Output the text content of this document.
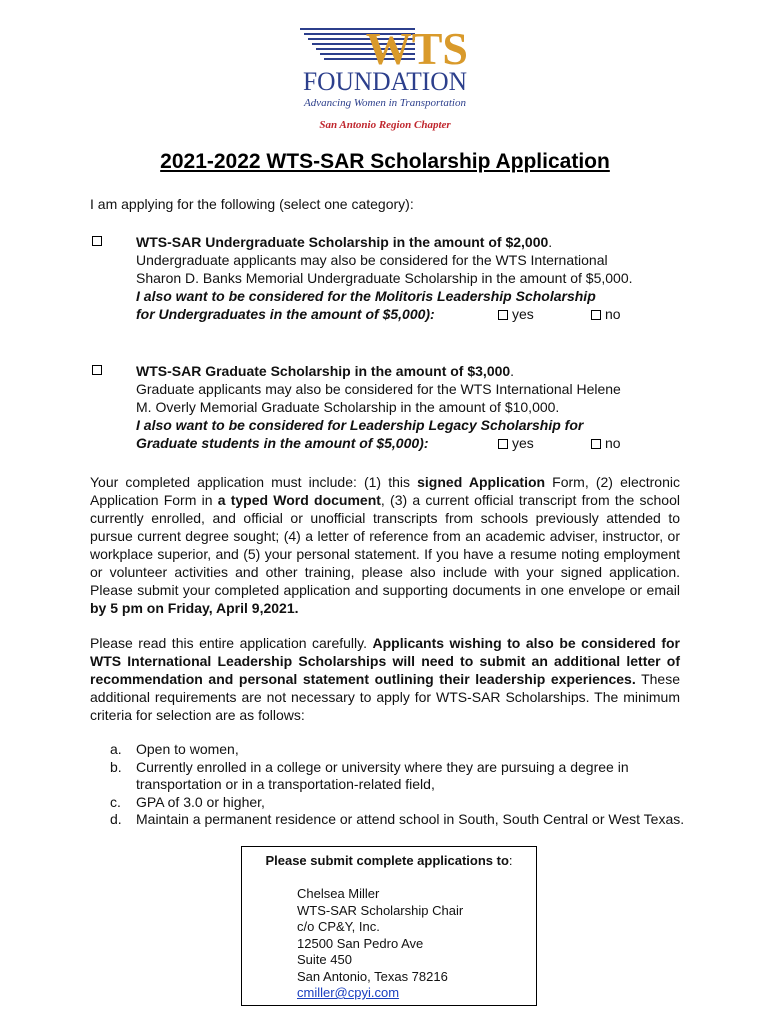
WTS
FOUNDATION
Advancing Women in Transportation
San Antonio Region Chapter
2021-2022 WTS-SAR Scholarship Application
I am applying for the following (select one category):
WTS-SAR Undergraduate Scholarship in the amount of $2,000.
Undergraduate applicants may also be considered for the WTS International
Sharon D. Banks Memorial Undergraduate Scholarship in the amount of $5,000.
I also want to be considered for the Molitoris Leadership Scholarship
for Undergraduates in the amount of $5,000):	yes	no
WTS-SAR Graduate Scholarship in the amount of $3,000.
Graduate applicants may also be considered for the WTS International Helene
M. Overly Memorial Graduate Scholarship in the amount of $10,000.
I also want to be considered for Leadership Legacy Scholarship for
Graduate students in the amount of $5,000):	yes	no
Your completed application must include: (1) this signed Application Form, (2) electronic Application Form in a typed Word document, (3) a current official transcript from the school currently enrolled, and official or unofficial transcripts from schools previously attended to pursue current degree sought; (4) a letter of reference from an academic adviser, instructor, or workplace superior, and (5) your personal statement. If you have a resume noting employment or volunteer activities and other training, please also include with your signed application. Please submit your completed application and supporting documents in one envelope or email by 5 pm on Friday, April 9,2021.
Please read this entire application carefully. Applicants wishing to also be considered for WTS International Leadership Scholarships will need to submit an additional letter of recommendation and personal statement outlining their leadership experiences. These additional requirements are not necessary to apply for WTS-SAR Scholarships. The minimum criteria for selection are as follows:
a.	Open to women,
b.	Currently enrolled in a college or university where they are pursuing a degree in transportation or in a transportation-related field,
c.	GPA of 3.0 or higher,
d.	Maintain a permanent residence or attend school in South, South Central or West Texas.
Please submit complete applications to:
Chelsea Miller
WTS-SAR Scholarship Chair
c/o CP&Y, Inc.
12500 San Pedro Ave
Suite 450
San Antonio, Texas 78216
cmiller@cpyi.com
